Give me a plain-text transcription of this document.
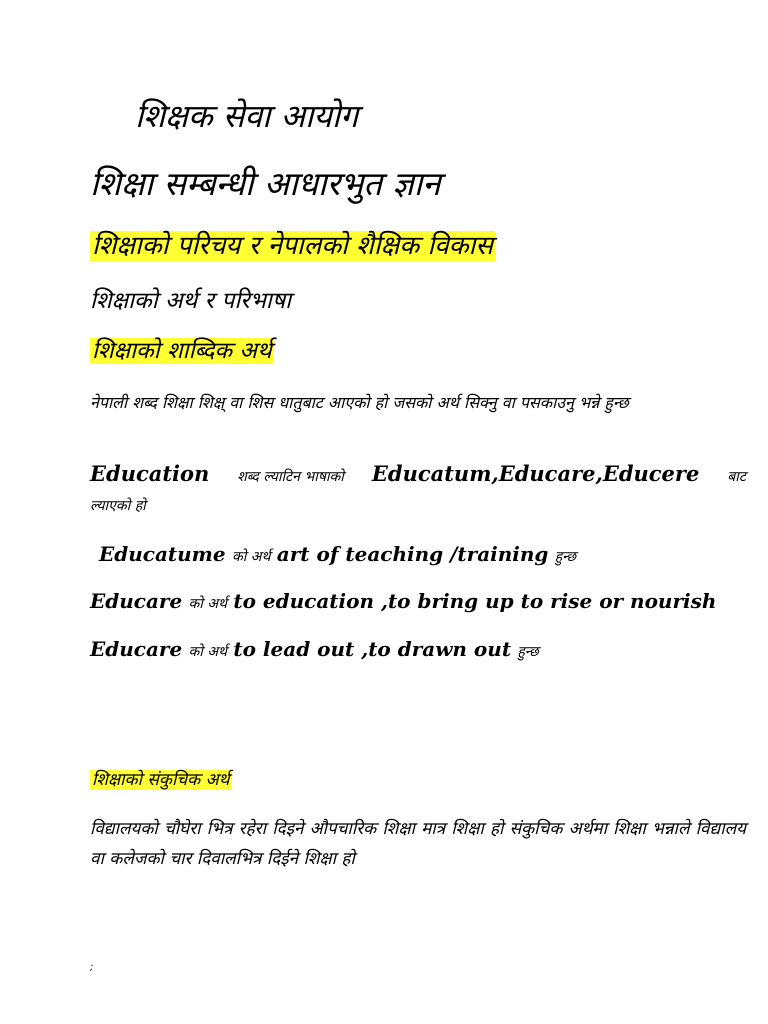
शिक्षक सेवा आयोग
शिक्षा सम्बन्धी आधारभुत ज्ञान
शिक्षाको परिचय र नेपालको शैक्षिक विकास
शिक्षाको अर्थ र परिभाषा
शिक्षाको शाब्दिक अर्थ
नेपाली शब्द शिक्षा शिक्ष् वा शिस धातुबाट आएको हो जसको अर्थ सिक्नु वा पसकाउनु भन्ने हुन्छ
Education शब्द ल्याटिन भाषाको Educatum,Educare,Educere बाट
ल्याएको हो
Educatume को अर्थ art of teaching /training हुन्छ
Educare को अर्थ to education ,to bring up to rise or nourish
Educare को अर्थ to lead out ,to drawn out हुन्छ
शिक्षाको संकुचिक अर्थ
विद्यालयको चौघेरा भित्र रहेरा दिइने औपचारिक शिक्षा मात्र शिक्षा हो संकुचिक अर्थमा शिक्षा भन्नाले विद्यालय वा कलेजको चार दिवालभित्र दिईने शिक्षा हो
;
